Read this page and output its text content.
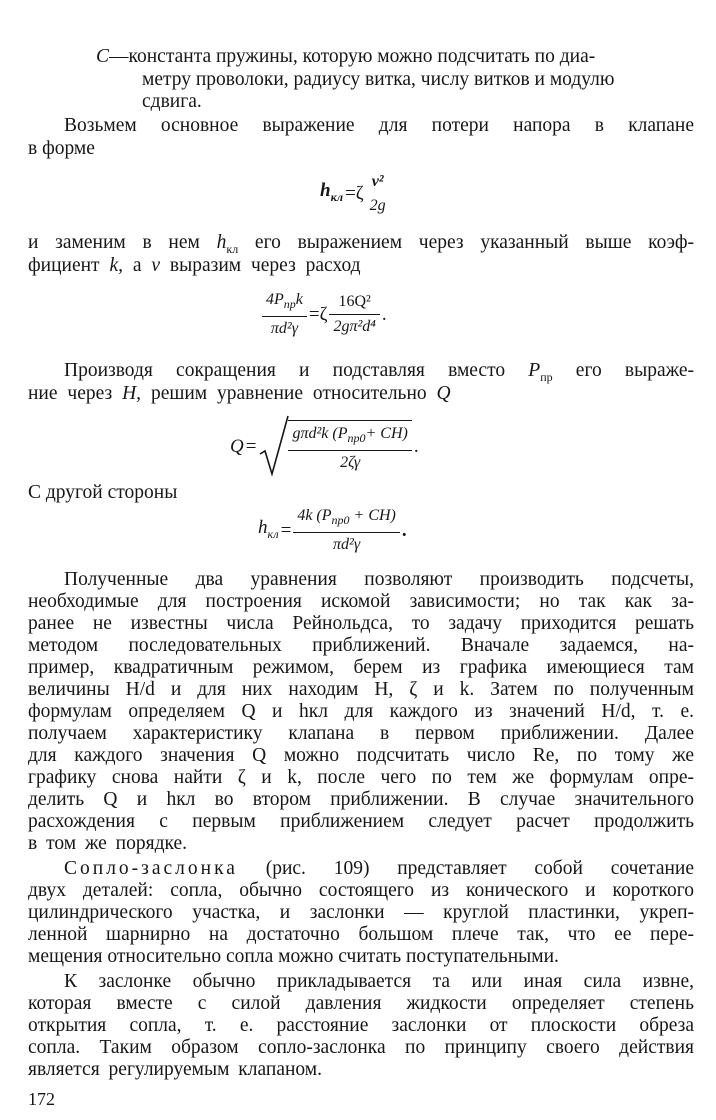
C—константа пружины, которую можно подсчитать по диа-
метру проволоки, радиусу витка, числу витков и модулю
сдвига.
Возьмем основное выражение для потери напора в клапане
в форме
$h_{кл} =\zeta$
v²
2g
и заменим в нем $h_{кл}$ его выражением через указанный выше коэф-
фициент k, а v выразим через расход
$\frac{4P_{пр}k}{\text{πd²γ}} =\zeta \frac{\text{16Q²}}{\text{2gπ²d⁴}}$ .
Производя сокращения и подставляя вместо $P_{пр}$ его выраже-
ние через H, решим уравнение относительно Q
$Q = \frac{g\pi d^2k (P_{пр0}+ CH)}{2\zeta\gamma}$ .
С другой стороны
$h_{кл} = \frac{4k (P_{пр0} + CH)}{\text{πd²γ}}$ .
Полученные два уравнения позволяют производить подсчеты,
необходимые для построения искомой зависимости; но так как за-
ранее не известны числа Рейнольдса, то задачу приходится решать
методом последовательных приближений. Вначале задаемся, на-
пример, квадратичным режимом, берем из графика имеющиеся там
величины H/d и для них находим H, ζ и k. Затем по полученным
формулам определяем Q и hкл для каждого из значений H/d, т. е.
получаем характеристику клапана в первом приближении. Далее
для каждого значения Q можно подсчитать число Re, по тому же
графику снова найти ζ и k, после чего по тем же формулам опре-
делить Q и hкл во втором приближении. В случае значительного
расхождения с первым приближением следует расчет продолжить
в том же порядке.
Сопло-заслонка (рис. 109) представляет собой сочетание
двух деталей: сопла, обычно состоящего из конического и короткого
цилиндрического участка, и заслонки — круглой пластинки, укреп-
ленной шарнирно на достаточно большом плече так, что ее пере-
мещения относительно сопла можно считать поступательными.
К заслонке обычно прикладывается та или иная сила извне,
которая вместе с силой давления жидкости определяет степень
открытия сопла, т. е. расстояние заслонки от плоскости обреза
сопла. Таким образом сопло-заслонка по принципу своего действия
является регулируемым клапаном.
172
